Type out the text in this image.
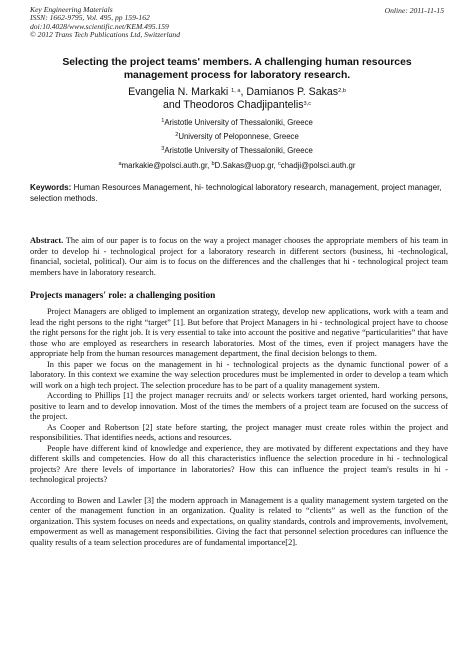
Key Engineering Materials
ISSN: 1662-9795, Vol. 495, pp 159-162
doi:10.4028/www.scientific.net/KEM.495.159
© 2012 Trans Tech Publications Ltd, Switzerland
Online: 2011-11-15
Selecting the project teams' members. A challenging human resources
management process for laboratory research.
Evangelia N. Markaki $^{1, a}$, Damianos P. Sakas$^{2,b}$
and Theodoros Chadjipantelis$^{3,c}$
$^1$Aristotle University of Thessaloniki, Greece
$^2$University of Peloponnese, Greece
$^3$Aristotle University of Thessaloniki, Greece
$^a$markakie@polsci.auth.gr, $^b$D.Sakas@uop.gr, $^c$chadji@polsci.auth.gr
Keywords: Human Resources Management, hi- technological laboratory research, management, project manager, selection methods.
Abstract. The aim of our paper is to focus on the way a project manager chooses the appropriate members of his team in order to develop hi - technological project for a laboratory research in different sectors (business, hi -technological, financial, societal, political). Our aim is to focus on the differences and the challenges that hi - technological project team members have in laboratory research.
Projects managers' role: a challenging position

Project Managers are obliged to implement an organization strategy, develop new applications, work with a team and lead the right persons to the right “target” [1]. But before that Project Managers in hi - technological project have to choose the right persons for the right job. It is very essential to take into account the positive and negative “particularities” that have those who are employed as researchers in research laboratories. Most of the times, even if project managers have the appropriate help from the human resources management department, the final decision belongs to them.

In this paper we focus on the management in hi - technological projects as the dynamic functional power of a laboratory. In this context we examine the way selection procedures must be implemented in order to develop a team which will work on a high tech project. The selection procedure has to be part of a quality management system.

According to Phillips [1] the project manager recruits and/ or selects workers target oriented, hard working persons, positive to learn and to develop innovation. Most of the times the members of a project team are focused on the success of the project.

As Cooper and Robertson [2] state before starting, the project manager must create roles within the project and responsibilities. That identifies needs, actions and resources.

People have different kind of knowledge and experience, they are motivated by different expectations and they have different skills and competencies. How do all this characteristics influence the selection procedure in hi - technological projects? Are there levels of importance in laboratories? How this can influence the project team's results in hi - technological projects?

According to Bowen and Lawler [3] the modern approach in Management is a quality management system targeted on the center of the management function in an organization. Quality is related to “clients” as well as the function of the organization. This system focuses on needs and expectations, on quality standards, controls and improvements, involvement, empowerment as well as management responsibilities. Giving the fact that personnel selection procedures can influence the quality results of a team selection procedures are of fundamental importance[2].
